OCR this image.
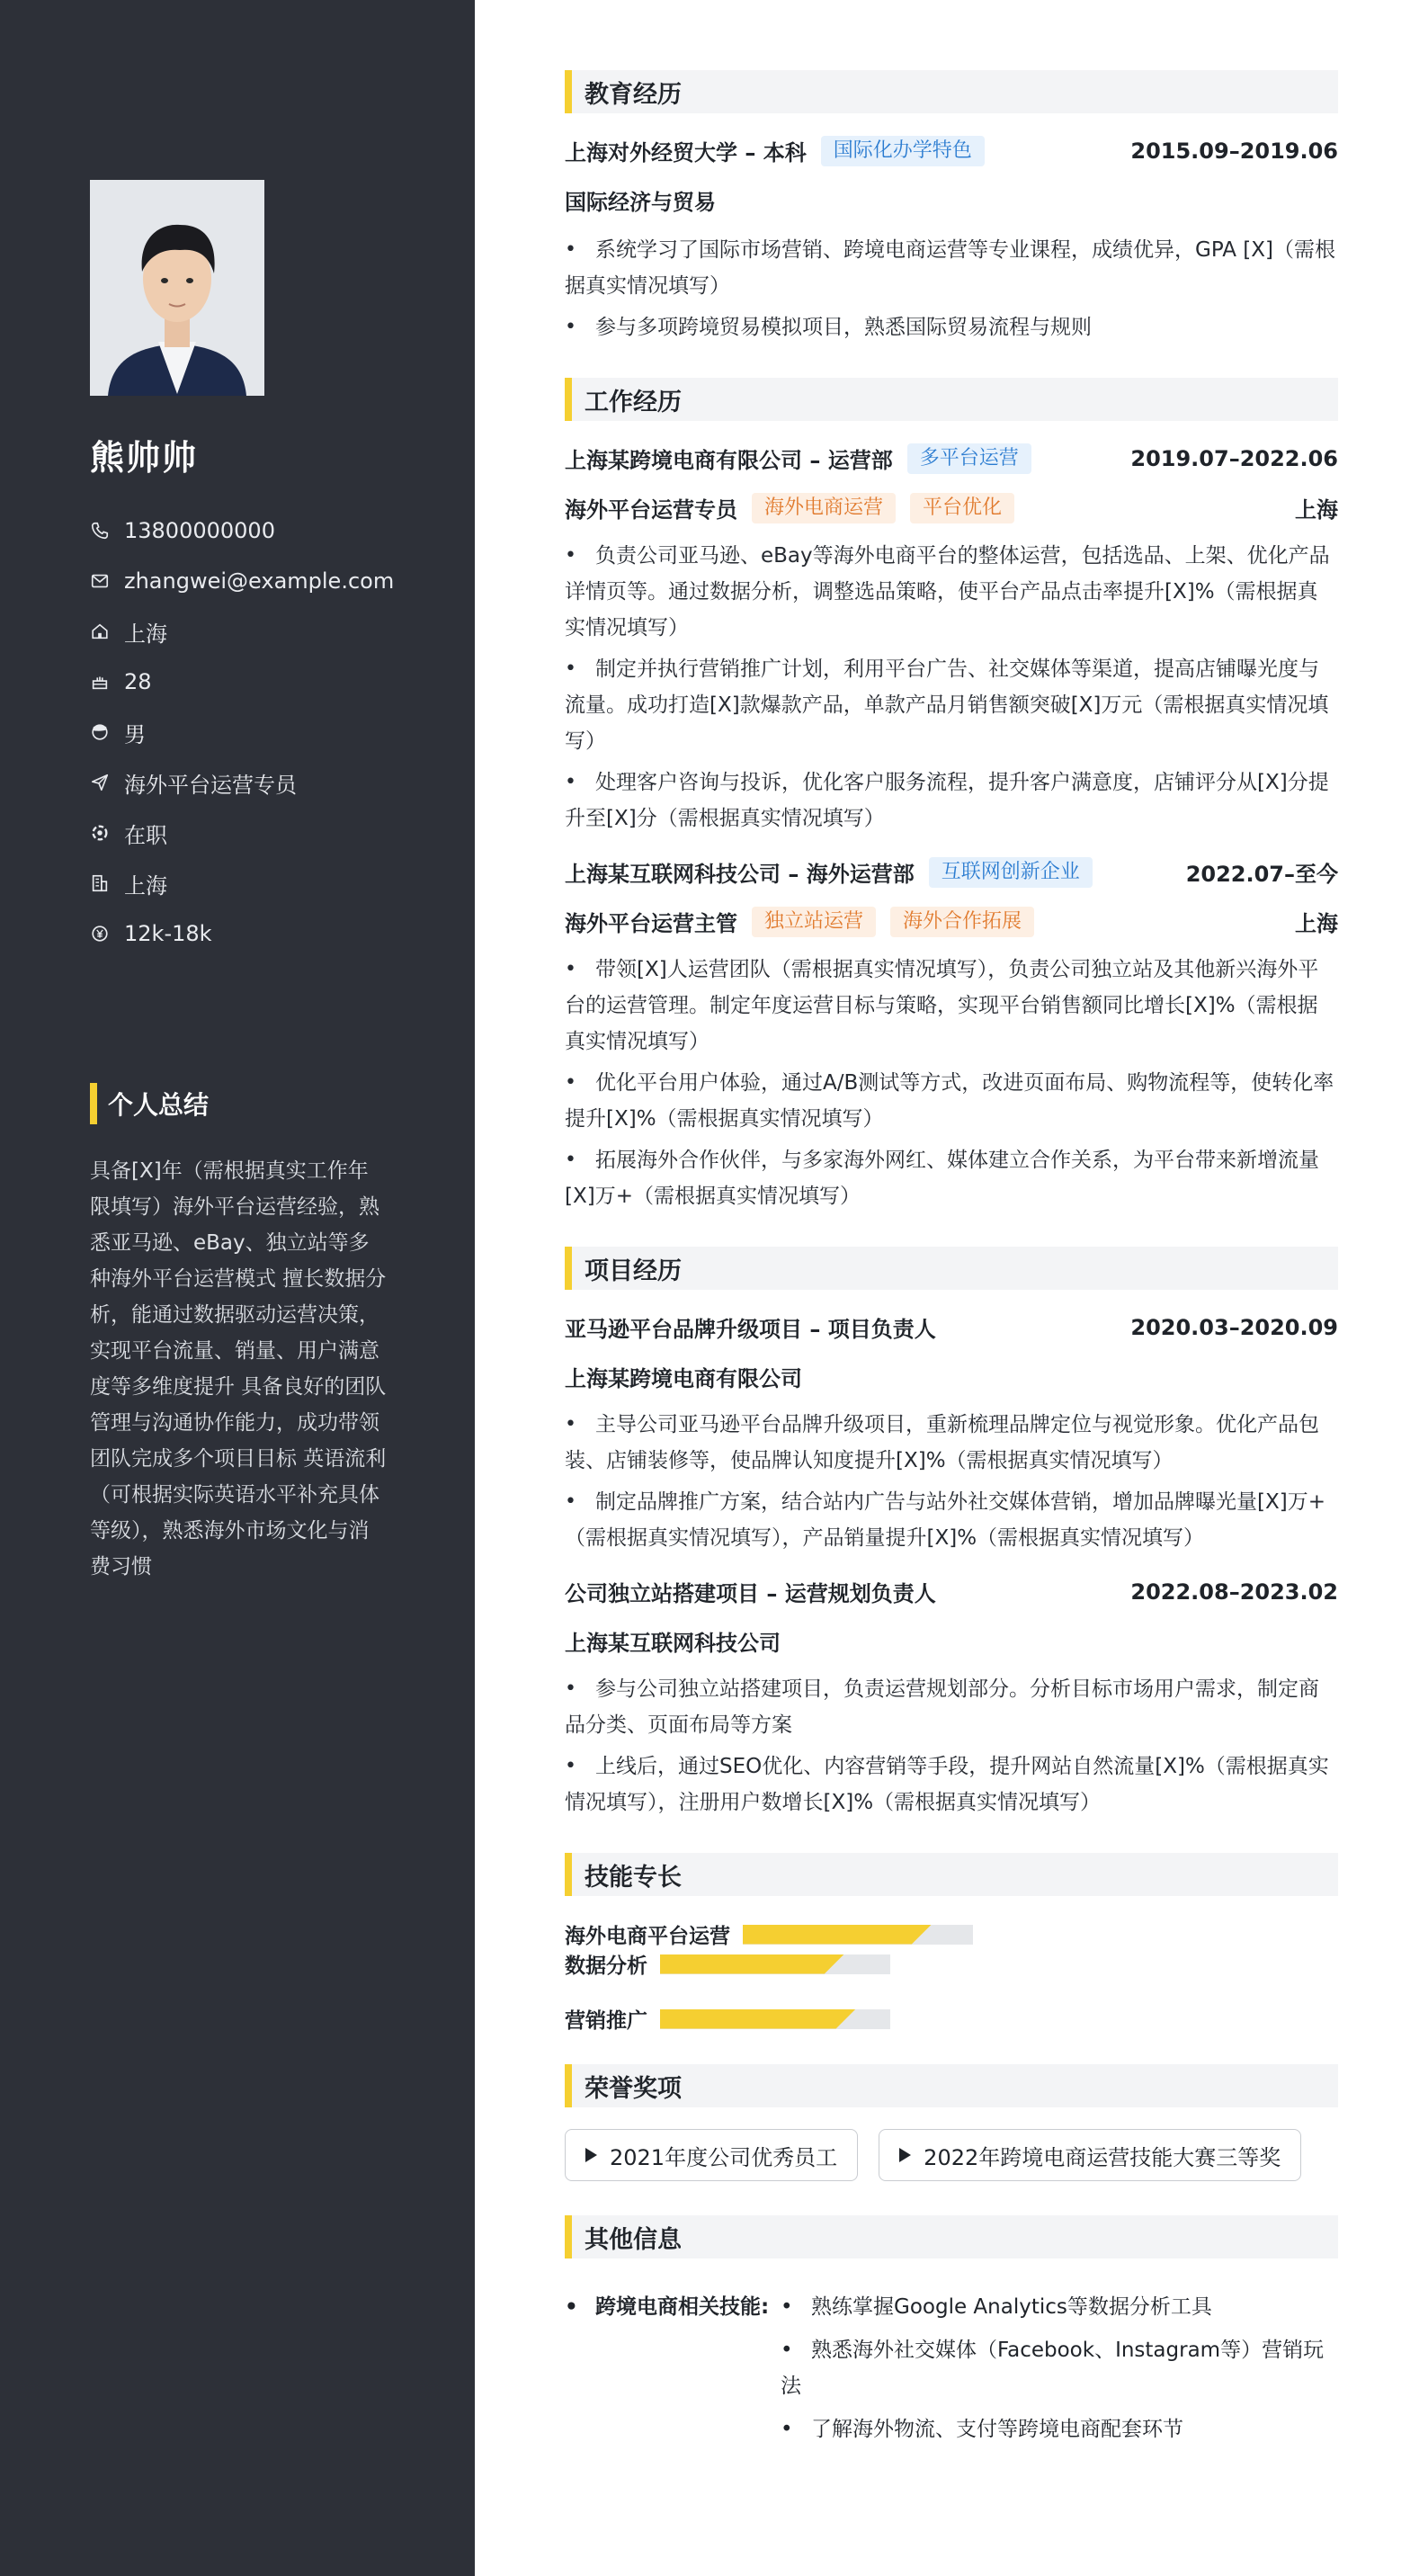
熊帅帅
13800000000
zhangwei@example.com
上海
28
男
海外平台运营专员
在职
上海
12k-18k
个人总结
具备[X]年（需根据真实工作年限填写）海外平台运营经验，熟悉亚马逊、eBay、独立站等多种海外平台运营模式 擅长数据分析，能通过数据驱动运营决策，实现平台流量、销量、用户满意度等多维度提升 具备良好的团队管理与沟通协作能力，成功带领团队完成多个项目目标 英语流利（可根据实际英语水平补充具体等级），熟悉海外市场文化与消费习惯
教育经历
上海对外经贸大学 – 本科	国际化办学特色	2015.09–2019.06
国际经济与贸易
• 系统学习了国际市场营销、跨境电商运营等专业课程，成绩优异，GPA [X]（需根据真实情况填写）
• 参与多项跨境贸易模拟项目，熟悉国际贸易流程与规则
工作经历
上海某跨境电商有限公司 – 运营部	多平台运营	2019.07–2022.06
海外平台运营专员	海外电商运营	平台优化	上海
• 负责公司亚马逊、eBay等海外电商平台的整体运营，包括选品、上架、优化产品详情页等。通过数据分析，调整选品策略，使平台产品点击率提升[X]%（需根据真实情况填写）
• 制定并执行营销推广计划，利用平台广告、社交媒体等渠道，提高店铺曝光度与流量。成功打造[X]款爆款产品，单款产品月销售额突破[X]万元（需根据真实情况填写）
• 处理客户咨询与投诉，优化客户服务流程，提升客户满意度，店铺评分从[X]分提升至[X]分（需根据真实情况填写）
上海某互联网科技公司 – 海外运营部	互联网创新企业	2022.07–至今
海外平台运营主管	独立站运营	海外合作拓展	上海
• 带领[X]人运营团队（需根据真实情况填写），负责公司独立站及其他新兴海外平台的运营管理。制定年度运营目标与策略，实现平台销售额同比增长[X]%（需根据真实情况填写）
• 优化平台用户体验，通过A/B测试等方式，改进页面布局、购物流程等，使转化率提升[X]%（需根据真实情况填写）
• 拓展海外合作伙伴，与多家海外网红、媒体建立合作关系，为平台带来新增流量[X]万+（需根据真实情况填写）
项目经历
亚马逊平台品牌升级项目 – 项目负责人	2020.03–2020.09
上海某跨境电商有限公司
• 主导公司亚马逊平台品牌升级项目，重新梳理品牌定位与视觉形象。优化产品包装、店铺装修等，使品牌认知度提升[X]%（需根据真实情况填写）
• 制定品牌推广方案，结合站内广告与站外社交媒体营销，增加品牌曝光量[X]万+（需根据真实情况填写），产品销量提升[X]%（需根据真实情况填写）
公司独立站搭建项目 – 运营规划负责人	2022.08–2023.02
上海某互联网科技公司
• 参与公司独立站搭建项目，负责运营规划部分。分析目标市场用户需求，制定商品分类、页面布局等方案
• 上线后，通过SEO优化、内容营销等手段，提升网站自然流量[X]%（需根据真实情况填写），注册用户数增长[X]%（需根据真实情况填写）
技能专长
海外电商平台运营

数据分析
营销推广
荣誉奖项
2021年度公司优秀员工
	2022年跨境电商运营技能大赛三等奖
其他信息
• 跨境电商相关技能:
•	熟练掌握Google Analytics等数据分析工具
• 熟悉海外社交媒体（Facebook、Instagram等）营销玩法
• 了解海外物流、支付等跨境电商配套环节
